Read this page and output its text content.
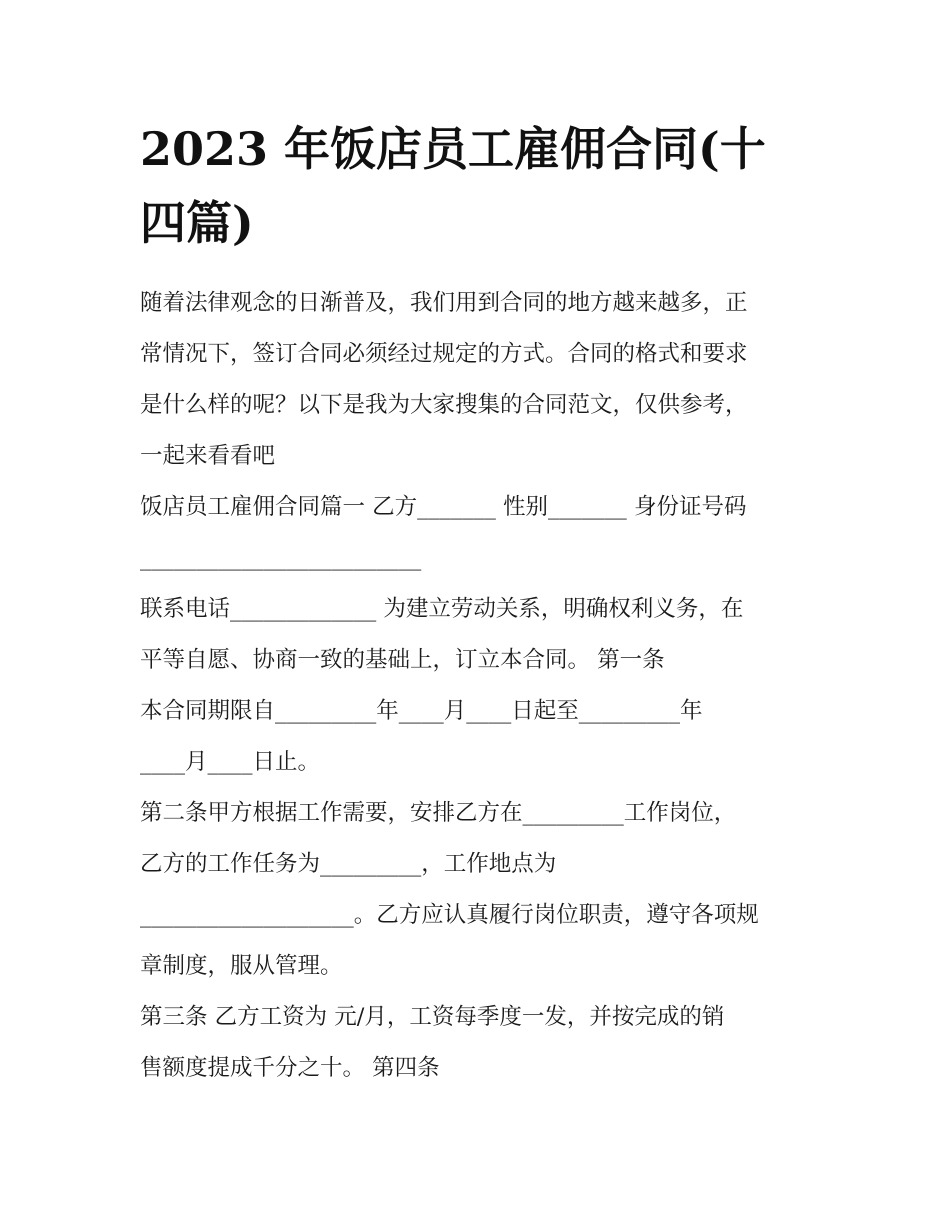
2023 年饭店员工雇佣合同(十
四篇)

随着法律观念的日渐普及，我们用到合同的地方越来越多，正
常情况下，签订合同必须经过规定的方式。合同的格式和要求
是什么样的呢？以下是我为大家搜集的合同范文，仅供参考，
一起来看看吧

饭店员工雇佣合同篇一 乙方_______ 性别_______ 身份证号码
_________________________
联系电话_____________ 为建立劳动关系，明确权利义务，在
平等自愿、协商一致的基础上，订立本合同。 第一条
本合同期限自_________年____月____日起至_________年
____月____日止。
第二条甲方根据工作需要，安排乙方在_________工作岗位，
乙方的工作任务为_________，工作地点为
___________________。乙方应认真履行岗位职责，遵守各项规
章制度，服从管理。
第三条 乙方工资为 元/月，工资每季度一发，并按完成的销
售额度提成千分之十。 第四条
